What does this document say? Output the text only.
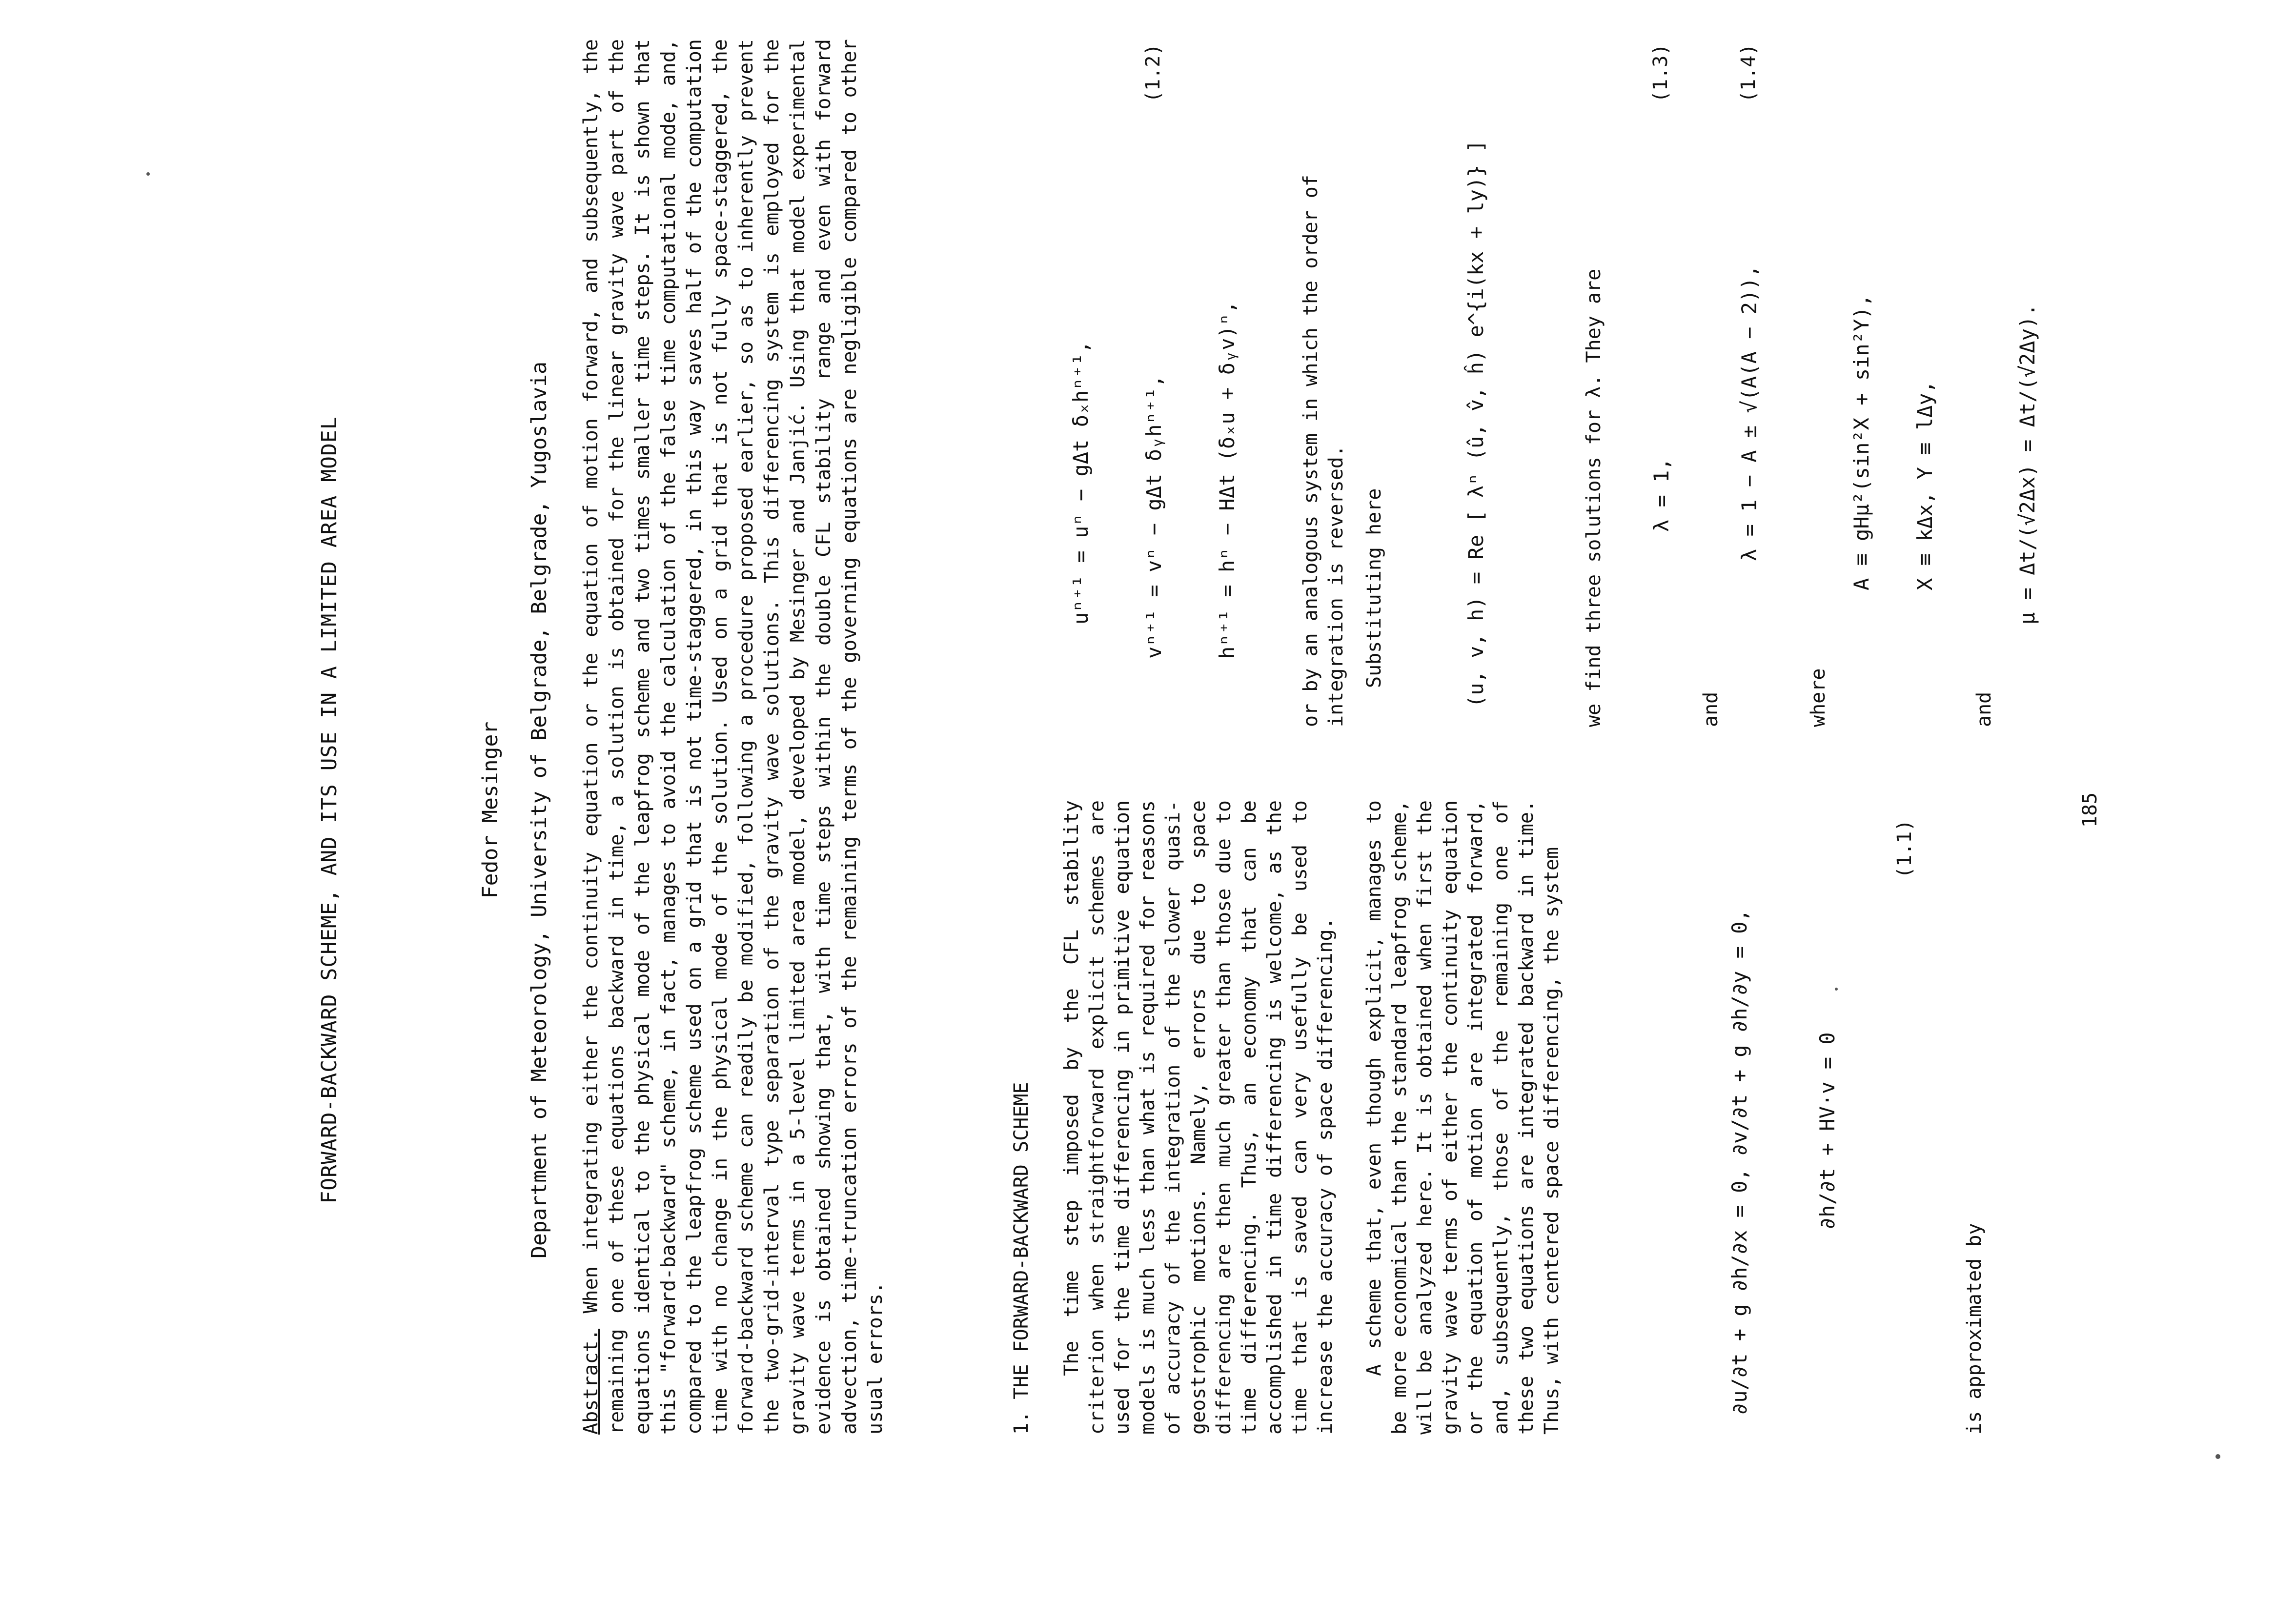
FORWARD-BACKWARD SCHEME, AND ITS USE IN A LIMITED AREA MODEL	Fedor Mesinger Department of Meteorology, University of Belgrade, Belgrade, Yugoslavia
Abstract. When integrating either the continuity equation or the equation of motion forward, and subsequently, the remaining one of these equations backward in time, a solution is obtained for the linear gravity wave part of the equations identical to the physical mode of the leapfrog scheme and two times smaller time steps. It is shown that this "forward-backward" scheme, in fact, manages to avoid the calculation of the false time computational mode, and, compared to the leapfrog scheme used on a grid that is not time-staggered, in this way saves half of the computation time with no change in the physical mode of the solution. Used on a grid that is not fully space-staggered, the forward-backward scheme can readily be modified, following a procedure proposed earlier, so as to inherently prevent the two-grid-interval type separation of the gravity wave solutions. This differencing system is employed for the gravity wave terms in a 5-level limited area model, developed by Mesinger and Janjić. Using that model experimental evidence is obtained showing that, with time steps within the double CFL stability range and even with forward advection, time-truncation errors of the remaining terms of the governing equations are negligible compared to other usual errors.	1. THE FORWARD-BACKWARD SCHEME The time step imposed by the CFL stability criterion when straightforward explicit schemes are used for the time differencing in primitive equation models is much less than what is required for reasons of accuracy of the integration of the slower quasi-geostrophic motions. Namely, errors due to space differencing are then much greater than those due to time differencing. Thus, an economy that can be accomplished in time differencing is welcome, as the time that is saved can very usefully be used to increase the accuracy of space differencing. A scheme that, even though explicit, manages to be more economical than the standard leapfrog scheme, will be analyzed here. It is obtained when first the gravity wave terms of either the continuity equation or the equation of motion are integrated forward, and, subsequently, those of the remaining one of these two equations are integrated backward in time. Thus, with centered space differencing, the system	∂u/∂t + g ∂h/∂x = 0, ∂v/∂t + g ∂h/∂y = 0,	∂h/∂t + HV·v = 0
(1.1)
is approximated by
uⁿ⁺¹ = uⁿ − gΔt δₓhⁿ⁺¹, vⁿ⁺¹ = vⁿ − gΔt δᵧhⁿ⁺¹,
(1.2)
hⁿ⁺¹ = hⁿ − HΔt (δₓu + δᵧv)ⁿ,	or by an analogous system in which the order of integration is reversed. Substituting here	(u, v, h) = Re [ λⁿ (û, v̂, ĥ) e^{i(kx + ly)} ]	we find three solutions for λ. They are λ = 1,
(1.3)
and
λ = 1 − A ± √(A(A − 2)),
(1.4)
where
A ≡ gHμ²(sin²X + sin²Y), X ≡ kΔx, Y ≡ lΔy,
and
μ = Δt/(√2Δx) = Δt/(√2Δy).
185
